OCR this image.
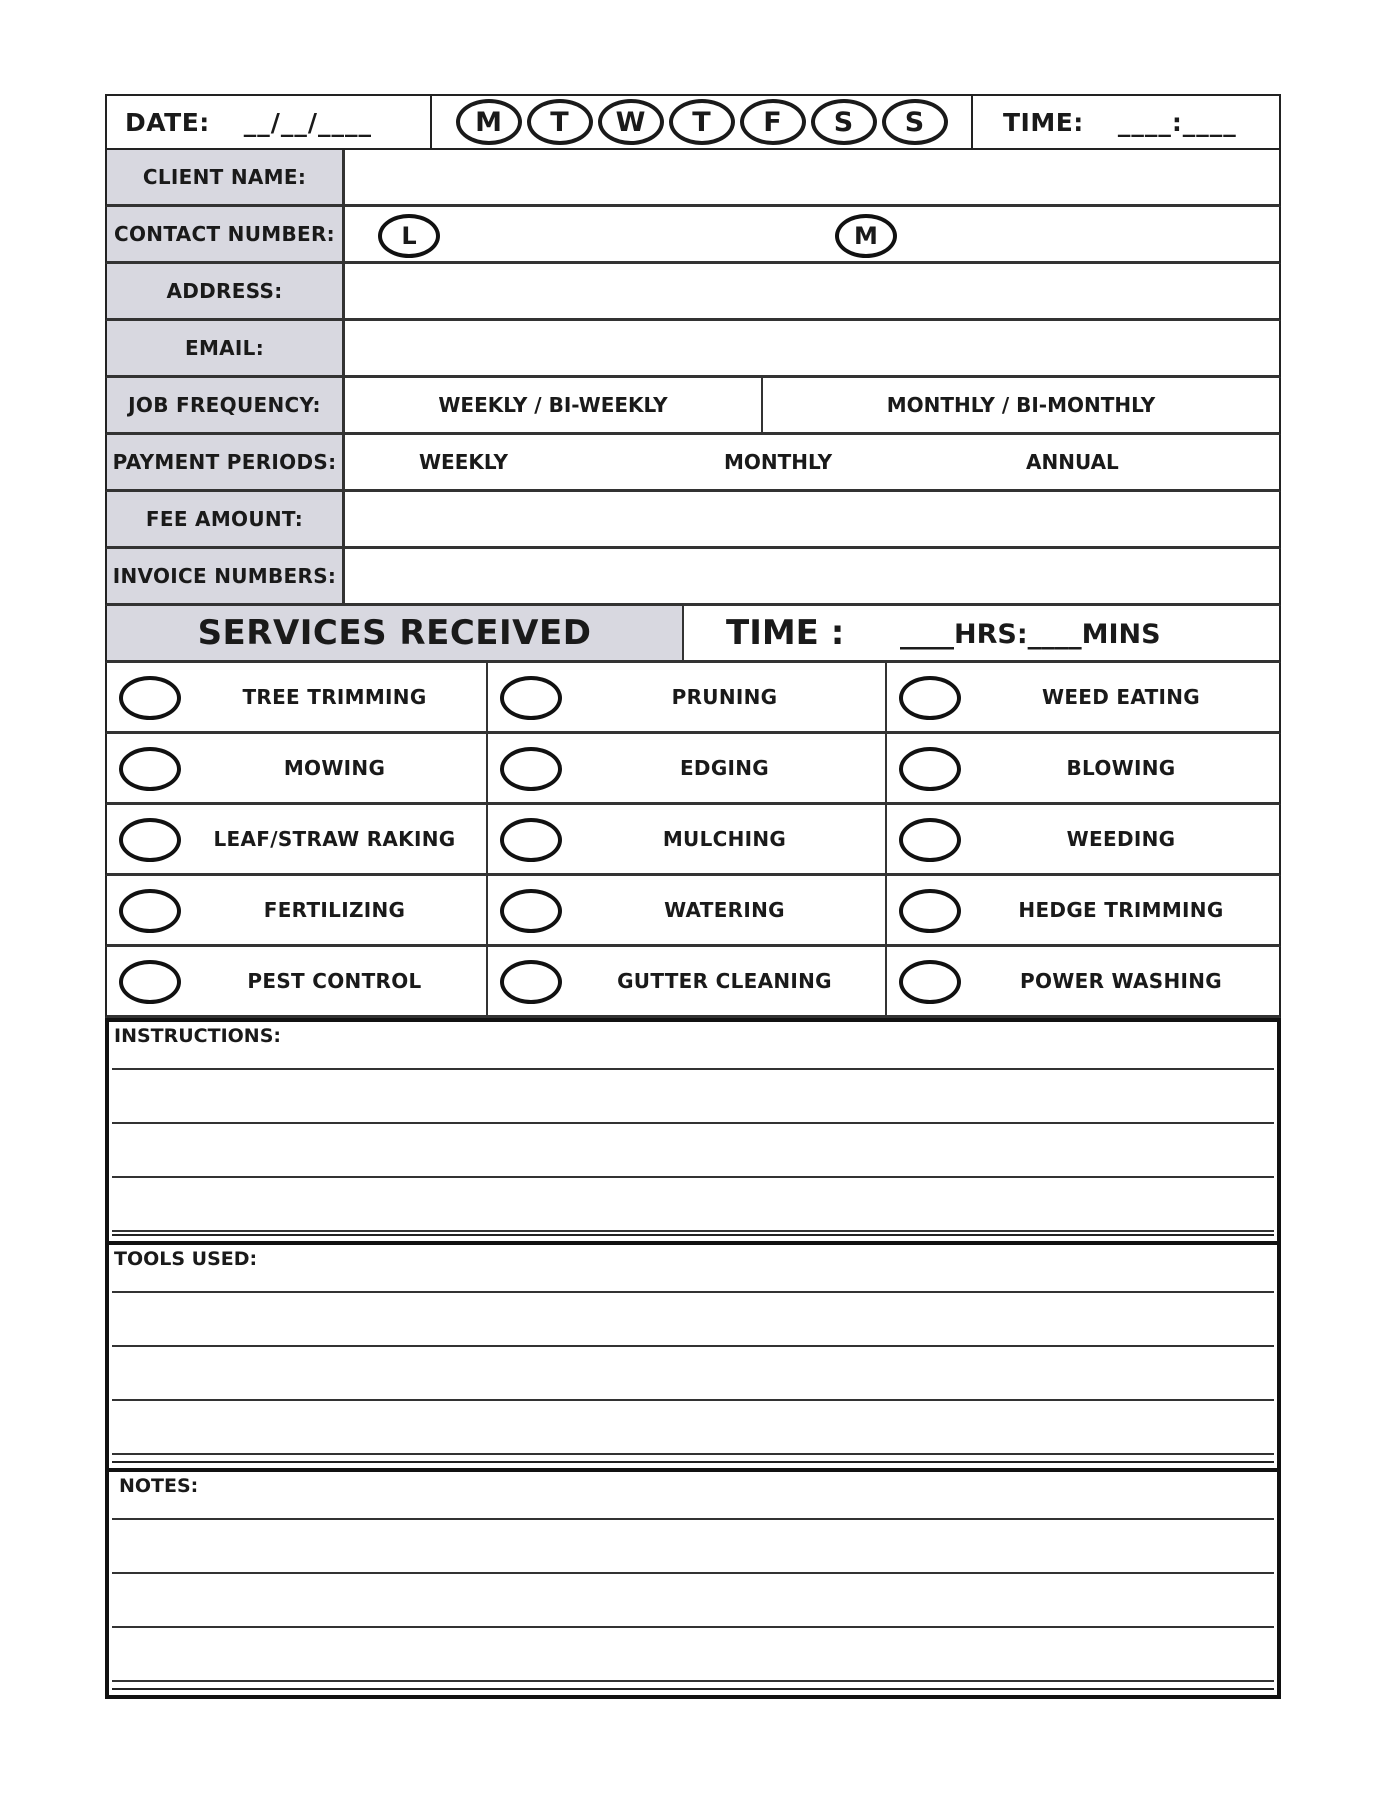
DATE: __/__/____	M	T	W	T	F	S	S	TIME: ____:____
CLIENT NAME:
CONTACT NUMBER:	L	M
ADDRESS:
EMAIL:
JOB FREQUENCY:	WEEKLY / BI-WEEKLY	MONTHLY / BI-MONTHLY
PAYMENT PERIODS:	WEEKLY	MONTHLY	ANNUAL
FEE AMOUNT:
INVOICE NUMBERS:
SERVICES RECEIVED	TIME : ____HRS:____MINS
TREE TRIMMING	PRUNING	WEED EATING
MOWING	EDGING	BLOWING
LEAF/STRAW RAKING	MULCHING	WEEDING
FERTILIZING	WATERING	HEDGE TRIMMING
PEST CONTROL	GUTTER CLEANING	POWER WASHING
INSTRUCTIONS:
TOOLS USED:
NOTES:
